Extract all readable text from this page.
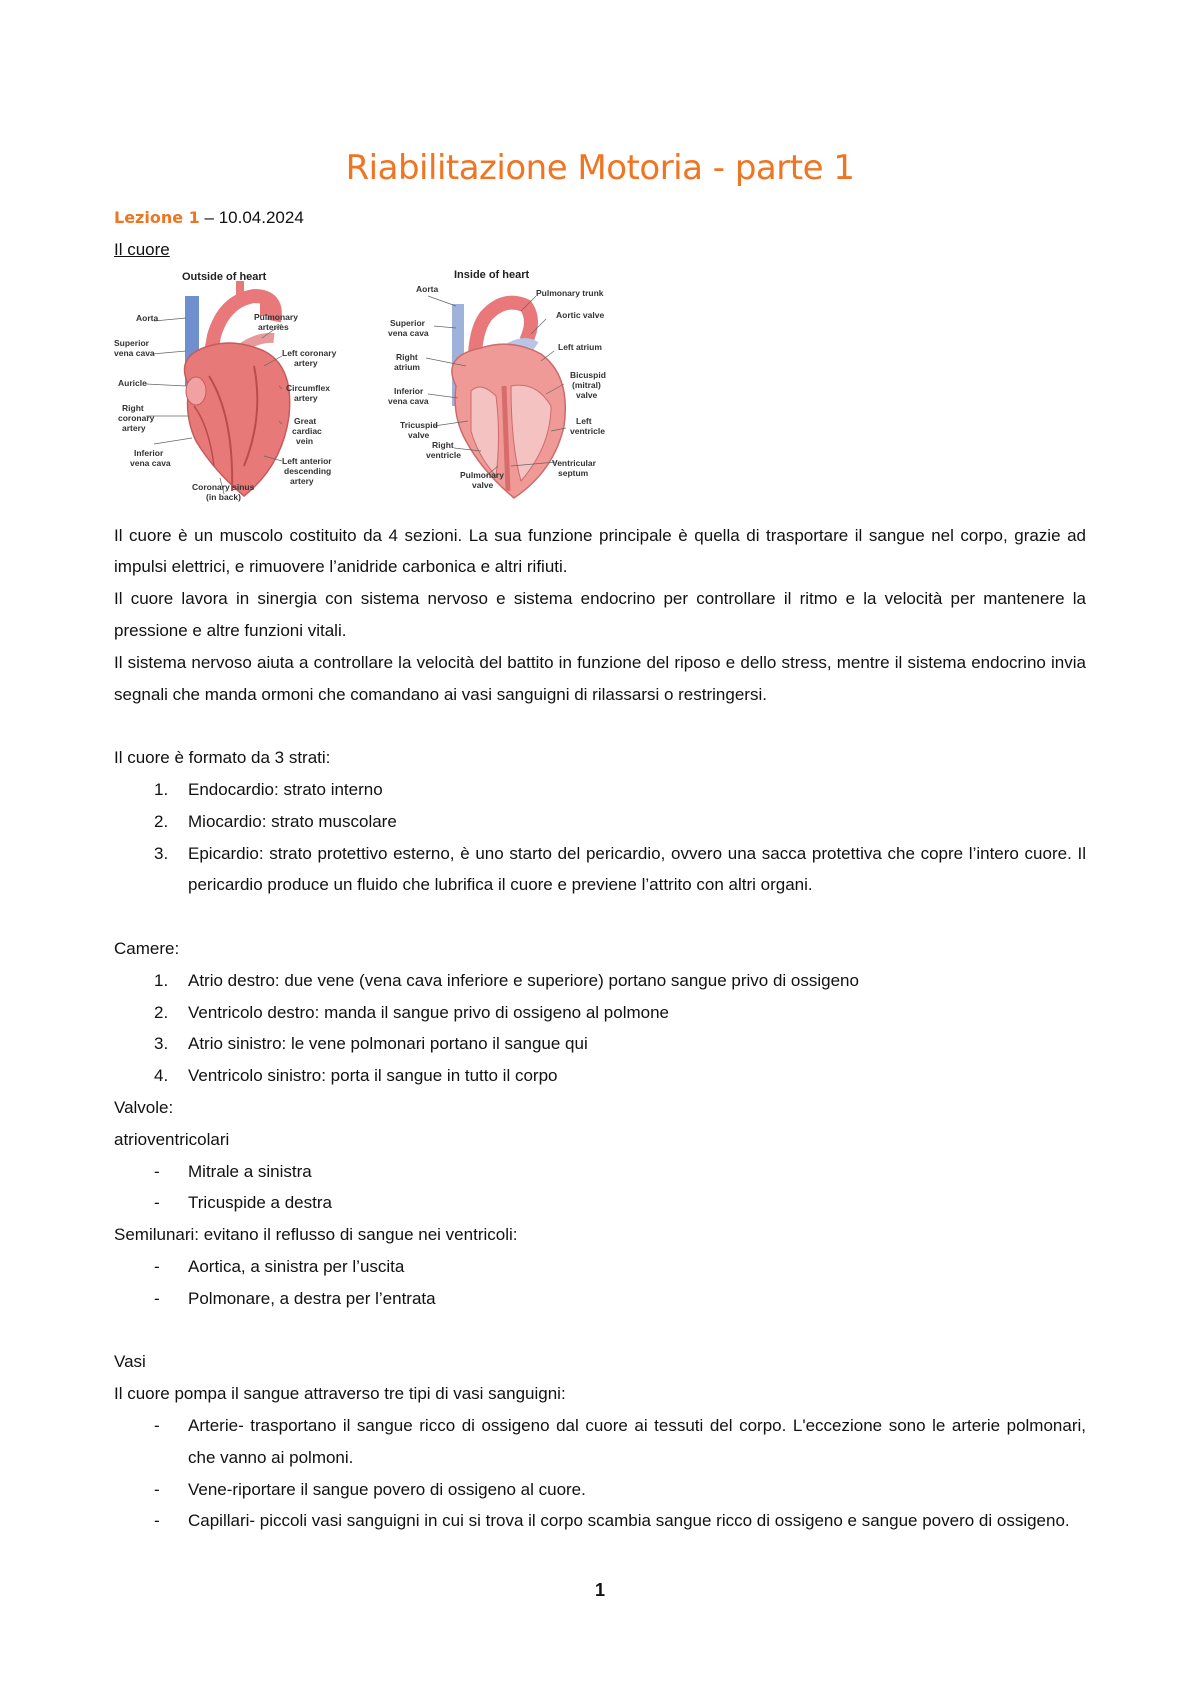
Riabilitazione Motoria - parte 1
Lezione 1 – 10.04.2024
Il cuore
Outside of heart
Aorta
Superior
vena cava
Auricle
Right
coronary
artery
Inferior
vena cava
Coronary sinus
(in back)
Pulmonary
arteries
Left coronary
artery
Circumflex
artery
Great
cardiac
vein
Left anterior
descending
artery
Inside of heart
Aorta
Superior
vena cava
Right
atrium
Inferior
vena cava
Tricuspid
valve
Right
ventricle
Pulmonary
valve
Pulmonary trunk
Aortic valve
Left atrium
Bicuspid
(mitral)
valve
Left
ventricle
Ventricular
septum

Il cuore è un muscolo costituito da 4 sezioni. La sua funzione principale è quella di trasportare il sangue nel corpo, grazie ad impulsi elettrici, e rimuovere l’anidride carbonica e altri rifiuti.

Il cuore lavora in sinergia con sistema nervoso e sistema endocrino per controllare il ritmo e la velocità per mantenere la pressione e altre funzioni vitali.

Il sistema nervoso aiuta a controllare la velocità del battito in funzione del riposo e dello stress, mentre il sistema endocrino invia segnali che manda ormoni che comandano ai vasi sanguigni di rilassarsi o restringersi.

Il cuore è formato da 3 strati:
1. Endocardio: strato interno
2. Miocardio: strato muscolare
3. Epicardio: strato protettivo esterno, è uno starto del pericardio, ovvero una sacca protettiva che copre l’intero cuore. Il pericardio produce un fluido che lubrifica il cuore e previene l’attrito con altri organi.
Camere:
1. Atrio destro: due vene (vena cava inferiore e superiore) portano sangue privo di ossigeno
2. Ventricolo destro: manda il sangue privo di ossigeno al polmone
3. Atrio sinistro: le vene polmonari portano il sangue qui
4. Ventricolo sinistro: porta il sangue in tutto il corpo
Valvole:
atrioventricolari
- Mitrale a sinistra
- Tricuspide a destra
Semilunari: evitano il reflusso di sangue nei ventricoli:
- Aortica, a sinistra per l’uscita
- Polmonare, a destra per l’entrata
Vasi
Il cuore pompa il sangue attraverso tre tipi di vasi sanguigni:
- Arterie- trasportano il sangue ricco di ossigeno dal cuore ai tessuti del corpo. L'eccezione sono le arterie polmonari, che vanno ai polmoni.
- Vene-riportare il sangue povero di ossigeno al cuore.
- Capillari- piccoli vasi sanguigni in cui si trova il corpo scambia sangue ricco di ossigeno e sangue povero di ossigeno.
1
